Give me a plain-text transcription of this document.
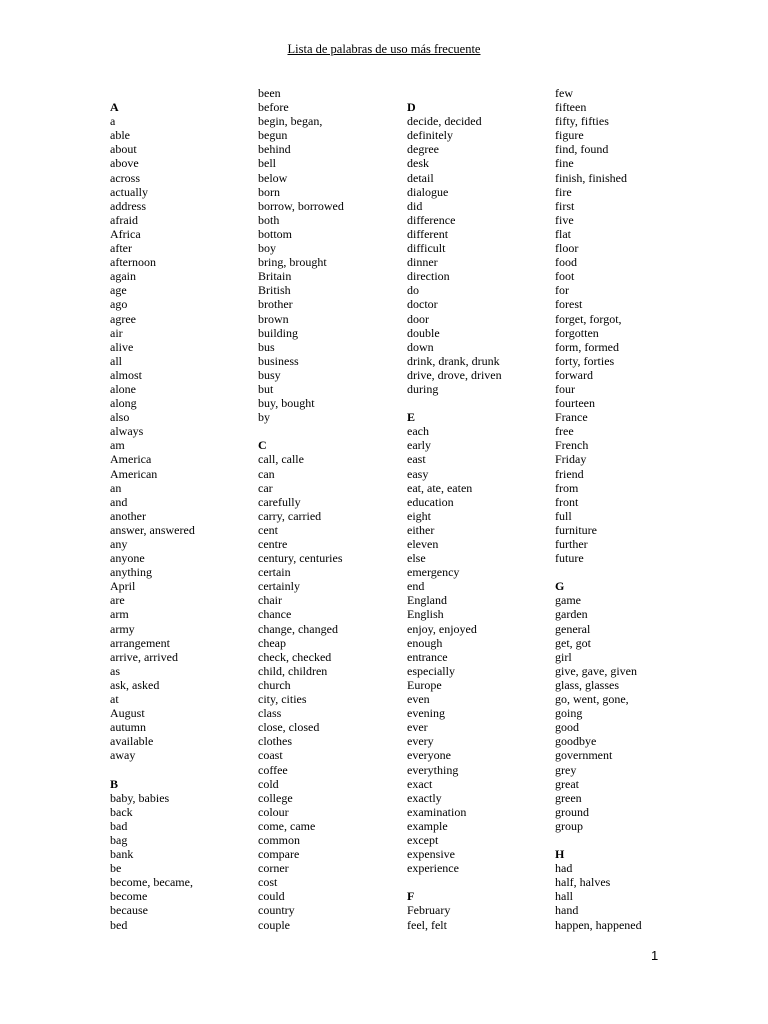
Lista de palabras de uso más frecuente
A
a
able
about
above
across
actually
address
afraid
Africa
after
afternoon
again
age
ago
agree
air
alive
all
almost
alone
along
also
always
am
America
American
an
and
another
answer, answered
any
anyone
anything
April
are
arm
army
arrangement
arrive, arrived
as
ask, asked
at
August
autumn
available
away
B
baby, babies
back
bad
bag
bank
be
become, became,
become
because
bed
been
before
begin, began,
begun
behind
bell
below
born
borrow, borrowed
both
bottom
boy
bring, brought
Britain
British
brother
brown
building
bus
business
busy
but
buy, bought
by
C
call, calle
can
car
carefully
carry, carried
cent
centre
century, centuries
certain
certainly
chair
chance
change, changed
cheap
check, checked
child, children
church
city, cities
class
close, closed
clothes
coast
coffee
cold
college
colour
come, came
common
compare
corner
cost
could
country
couple
D
decide, decided
definitely
degree
desk
detail
dialogue
did
difference
different
difficult
dinner
direction
do
doctor
door
double
down
drink, drank, drunk
drive, drove, driven
during
E
each
early
east
easy
eat, ate, eaten
education
eight
either
eleven
else
emergency
end
England
English
enjoy, enjoyed
enough
entrance
especially
Europe
even
evening
ever
every
everyone
everything
exact
exactly
examination
example
except
expensive
experience
F
February
feel, felt
few
fifteen
fifty, fifties
figure
find, found
fine
finish, finished
fire
first
five
flat
floor
food
foot
for
forest
forget, forgot,
forgotten
form, formed
forty, forties
forward
four
fourteen
France
free
French
Friday
friend
from
front
full
furniture
further
future
G
game
garden
general
get, got
girl
give, gave, given
glass, glasses
go, went, gone,
going
good
goodbye
government
grey
great
green
ground
group
H
had
half, halves
hall
hand
happen, happened
1
